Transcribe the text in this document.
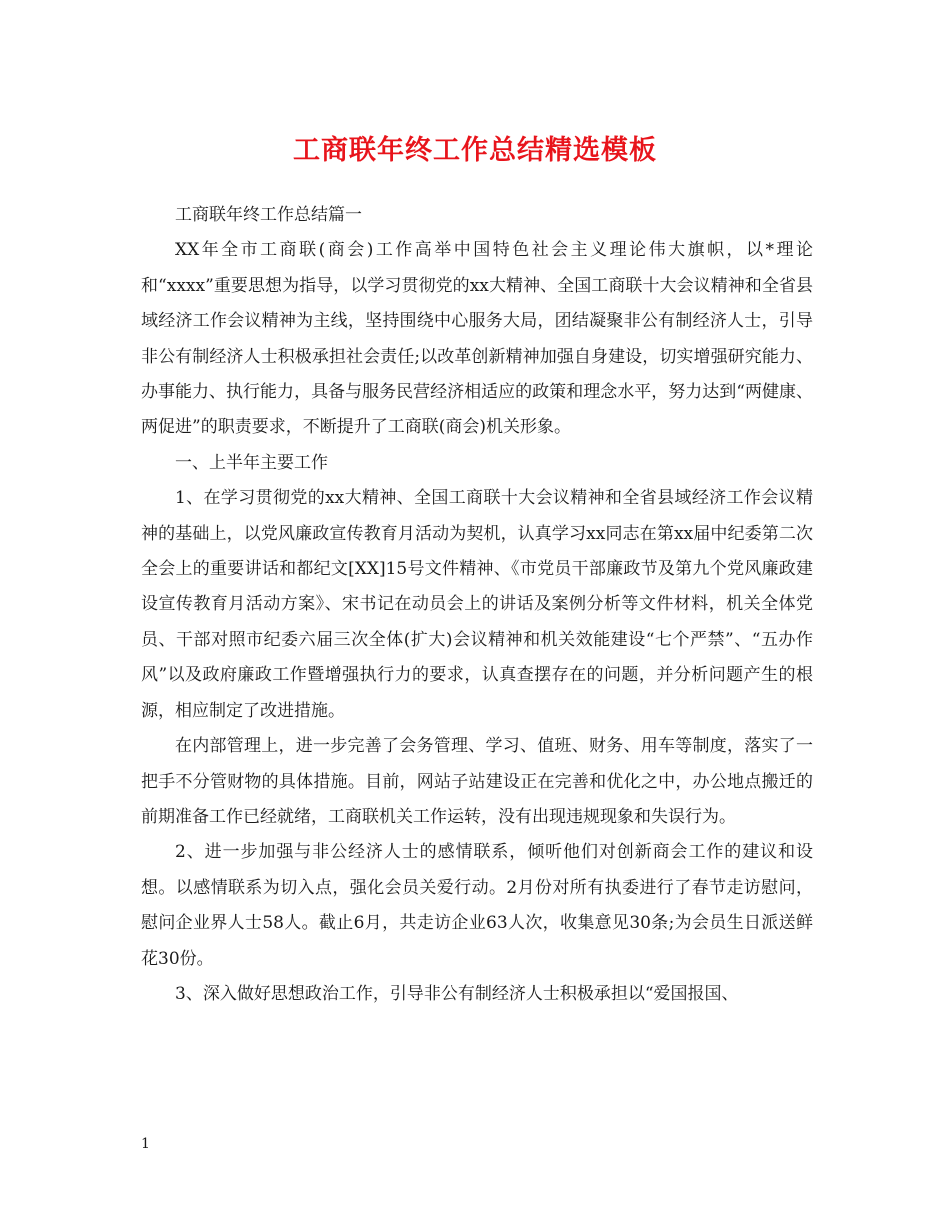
工商联年终工作总结精选模板

工商联年终工作总结篇一

XX年全市工商联(商会)工作高举中国特色社会主义理论伟大旗帜，以*理论和“xxxx”重要思想为指导，以学习贯彻党的xx大精神、全国工商联十大会议精神和全省县域经济工作会议精神为主线，坚持围绕中心服务大局，团结凝聚非公有制经济人士，引导非公有制经济人士积极承担社会责任;以改革创新精神加强自身建设，切实增强研究能力、办事能力、执行能力，具备与服务民营经济相适应的政策和理念水平，努力达到“两健康、两促进”的职责要求，不断提升了工商联(商会)机关形象。

一、上半年主要工作

1、在学习贯彻党的xx大精神、全国工商联十大会议精神和全省县域经济工作会议精神的基础上，以党风廉政宣传教育月活动为契机，认真学习xx同志在第xx届中纪委第二次全会上的重要讲话和都纪文[XX]15号文件精神、《市党员干部廉政节及第九个党风廉政建设宣传教育月活动方案》、宋书记在动员会上的讲话及案例分析等文件材料，机关全体党员、干部对照市纪委六届三次全体(扩大)会议精神和机关效能建设“七个严禁”、“五办作风”以及政府廉政工作暨增强执行力的要求，认真查摆存在的问题，并分析问题产生的根源，相应制定了改进措施。

在内部管理上，进一步完善了会务管理、学习、值班、财务、用车等制度，落实了一把手不分管财物的具体措施。目前，网站子站建设正在完善和优化之中，办公地点搬迁的前期准备工作已经就绪，工商联机关工作运转，没有出现违规现象和失误行为。

2、进一步加强与非公经济人士的感情联系，倾听他们对创新商会工作的建议和设想。以感情联系为切入点，强化会员关爱行动。2月份对所有执委进行了春节走访慰问，慰问企业界人士58人。截止6月，共走访企业63人次，收集意见30条;为会员生日派送鲜花30份。

3、深入做好思想政治工作，引导非公有制经济人士积极承担以“爱国报国、

1
